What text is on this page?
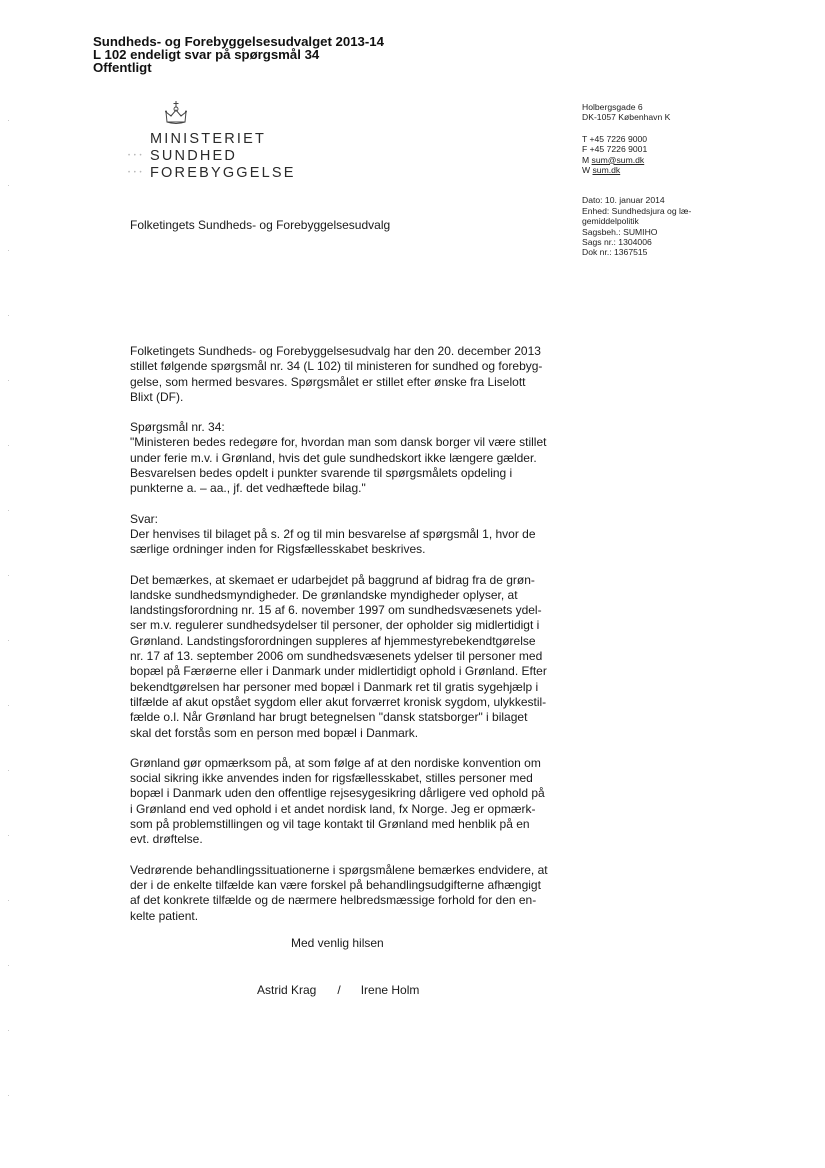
Sundheds- og Forebyggelsesudvalget 2013-14
L 102 endeligt svar på spørgsmål 34
Offentligt
MINISTERIET
• • • SUNDHED
• • • FOREBYGGELSE
Holbergsgade 6
DK-1057 København K
T +45 7226 9000
F +45 7226 9001
M sum@sum.dk
W sum.dk
Dato: 10. januar 2014
Enhed: Sundhedsjura og læ-
gemiddelpolitik
Sagsbeh.: SUMIHO
Sags nr.: 1304006
Dok nr.: 1367515
Folketingets Sundheds- og Forebyggelsesudvalg

Folketingets Sundheds- og Forebyggelsesudvalg har den 20. december 2013
stillet følgende spørgsmål nr. 34 (L 102) til ministeren for sundhed og forebyg-
gelse, som hermed besvares. Spørgsmålet er stillet efter ønske fra Liselott
Blixt (DF).

Spørgsmål nr. 34:
"Ministeren bedes redegøre for, hvordan man som dansk borger vil være stillet
under ferie m.v. i Grønland, hvis det gule sundhedskort ikke længere gælder.
Besvarelsen bedes opdelt i punkter svarende til spørgsmålets opdeling i
punkterne a. – aa., jf. det vedhæftede bilag."

Svar:
Der henvises til bilaget på s. 2f og til min besvarelse af spørgsmål 1, hvor de
særlige ordninger inden for Rigsfællesskabet beskrives.

Det bemærkes, at skemaet er udarbejdet på baggrund af bidrag fra de grøn-
landske sundhedsmyndigheder. De grønlandske myndigheder oplyser, at
landstingsforordning nr. 15 af 6. november 1997 om sundhedsvæsenets ydel-
ser m.v. regulerer sundhedsydelser til personer, der opholder sig midlertidigt i
Grønland. Landstingsforordningen suppleres af hjemmestyrebekendtgørelse
nr. 17 af 13. september 2006 om sundhedsvæsenets ydelser til personer med
bopæl på Færøerne eller i Danmark under midlertidigt ophold i Grønland. Efter
bekendtgørelsen har personer med bopæl i Danmark ret til gratis sygehjælp i
tilfælde af akut opstået sygdom eller akut forværret kronisk sygdom, ulykkestil-
fælde o.l. Når Grønland har brugt betegnelsen "dansk statsborger" i bilaget
skal det forstås som en person med bopæl i Danmark.

Grønland gør opmærksom på, at som følge af at den nordiske konvention om
social sikring ikke anvendes inden for rigsfællesskabet, stilles personer med
bopæl i Danmark uden den offentlige rejsesygesikring dårligere ved ophold på
i Grønland end ved ophold i et andet nordisk land, fx Norge. Jeg er opmærk-
som på problemstillingen og vil tage kontakt til Grønland med henblik på en
evt. drøftelse.

Vedrørende behandlingssituationerne i spørgsmålene bemærkes endvidere, at
der i de enkelte tilfælde kan være forskel på behandlingsudgifterne afhængigt
af det konkrete tilfælde og de nærmere helbredsmæssige forhold for den en-
kelte patient.

Med venlig hilsen
Astrid Krag / Irene Holm
